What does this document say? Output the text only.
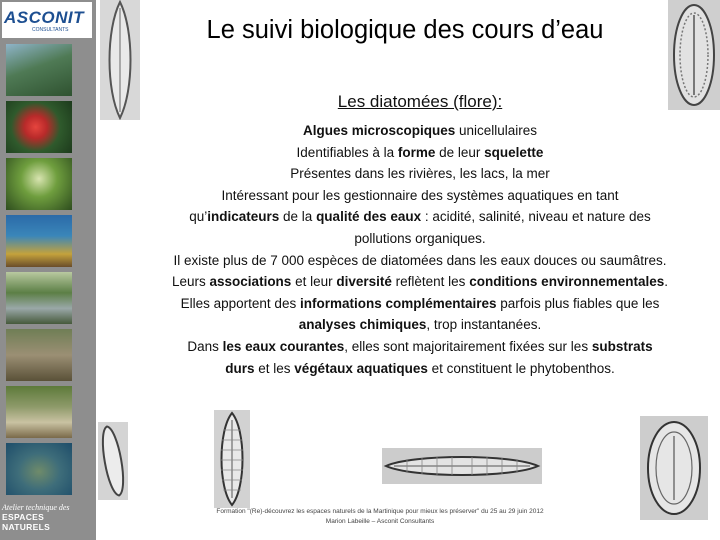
ASCONIT
CONSULTANTS
Atelier technique des
ESPACES NATURELS
Le suivi biologique des cours d’eau
Les diatomées (flore):
Algues microscopiques unicellulaires
Identifiables à la forme de leur squelette
Présentes dans les rivières, les lacs, la mer
Intéressant pour les gestionnaire des systèmes aquatiques en tant
qu’indicateurs de la qualité des eaux : acidité, salinité, niveau et nature des
pollutions organiques.
Il existe plus de 7 000 espèces de diatomées dans les eaux douces ou saumâtres.
Leurs associations et leur diversité reflètent les conditions environnementales.
Elles apportent des informations complémentaires parfois plus fiables que les
analyses chimiques, trop instantanées.
Dans les eaux courantes, elles sont majoritairement fixées sur les substrats
durs et les végétaux aquatiques et constituent le phytobenthos.
Formation "(Re)-découvrez les espaces naturels de la Martinique pour mieux les préserver" du 25 au 29 juin 2012
Marion Labeille – Asconit Consultants
